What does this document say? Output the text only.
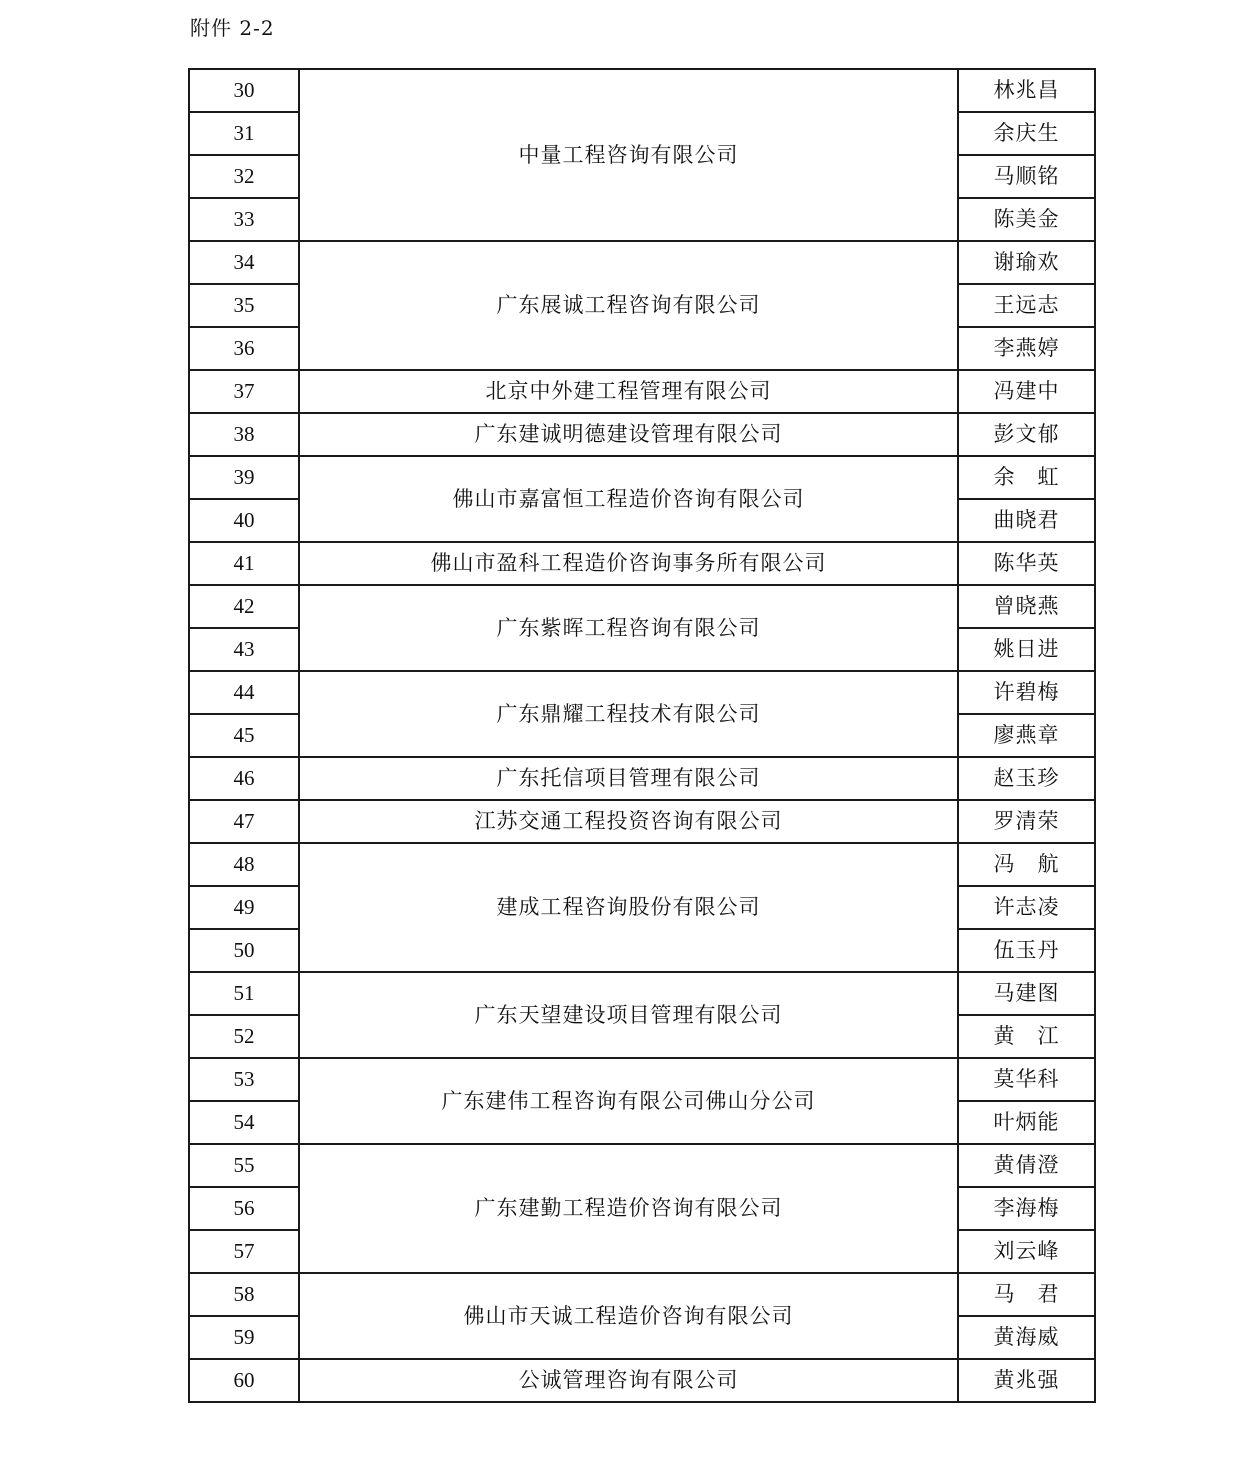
附件 2-2
30	中量工程咨询有限公司	林兆昌
31		余庆生
32		马顺铭
33		陈美金
34	广东展诚工程咨询有限公司	谢瑜欢
35		王远志
36		李燕婷
37	北京中外建工程管理有限公司	冯建中
38	广东建诚明德建设管理有限公司	彭文郁
39	佛山市嘉富恒工程造价咨询有限公司	余　虹
40		曲晓君
41	佛山市盈科工程造价咨询事务所有限公司	陈华英
42	广东紫晖工程咨询有限公司	曾晓燕
43		姚日进
44	广东鼎耀工程技术有限公司	许碧梅
45		廖燕章
46	广东托信项目管理有限公司	赵玉珍
47	江苏交通工程投资咨询有限公司	罗清荣
48	建成工程咨询股份有限公司	冯　航
49		许志凌
50		伍玉丹
51	广东天望建设项目管理有限公司	马建图
52		黄　江
53	广东建伟工程咨询有限公司佛山分公司	莫华科
54		叶炳能
55	广东建勤工程造价咨询有限公司	黄倩澄
56		李海梅
57		刘云峰
58	佛山市天诚工程造价咨询有限公司	马　君
59		黄海威
60	公诚管理咨询有限公司	黄兆强
